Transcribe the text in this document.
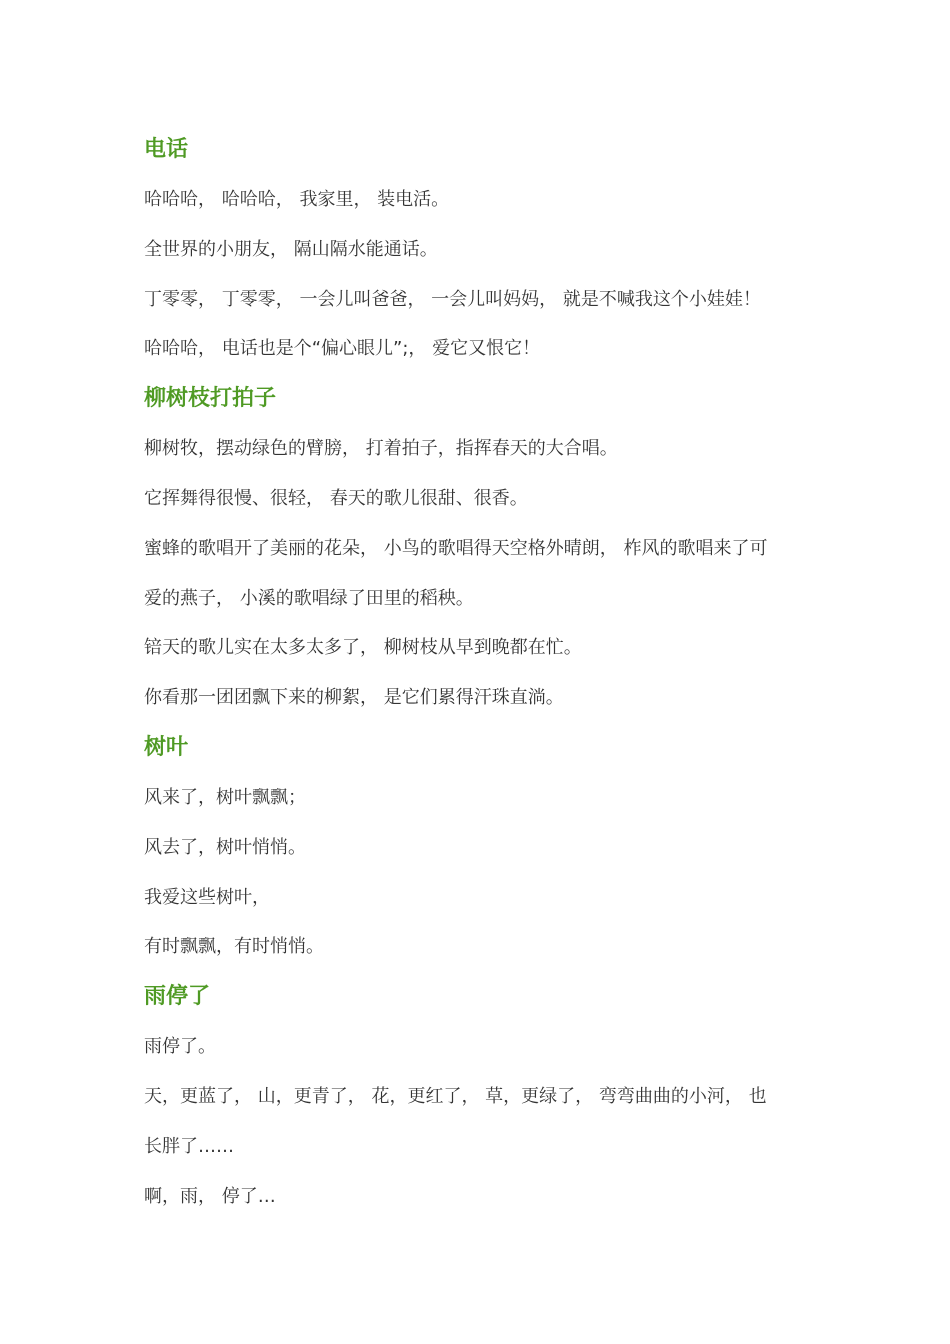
电话
哈哈哈， 哈哈哈， 我家里， 装电活。
全世界的小朋友， 隔山隔水能通话。
丁零零， 丁零零， 一会儿叫爸爸， 一会儿叫妈妈， 就是不喊我这个小娃娃！
哈哈哈， 电话也是个“偏心眼儿”;， 爱它又恨它！
柳树枝打拍子
柳树牧，摆动绿色的臂膀， 打着拍子，指挥春天的大合唱。
它挥舞得很慢、很轻， 春天的歌儿很甜、很香。
蜜蜂的歌唱开了美丽的花朵， 小鸟的歌唱得天空格外晴朗， 柞风的歌唱来了可
爱的燕子， 小溪的歌唱绿了田里的稻秧。
锫天的歌儿实在太多太多了， 柳树枝从早到晚都在忙。
你看那一团团飘下来的柳絮， 是它们累得汗珠直淌。
树叶
风来了，树叶飘飘；
风去了，树叶悄悄。
我爱这些树叶，
有时飘飘，有时悄悄。
雨停了
雨停了。
天，更蓝了， 山，更青了， 花，更红了， 草，更绿了， 弯弯曲曲的小河， 也
长胖了……
啊，雨， 停了…
